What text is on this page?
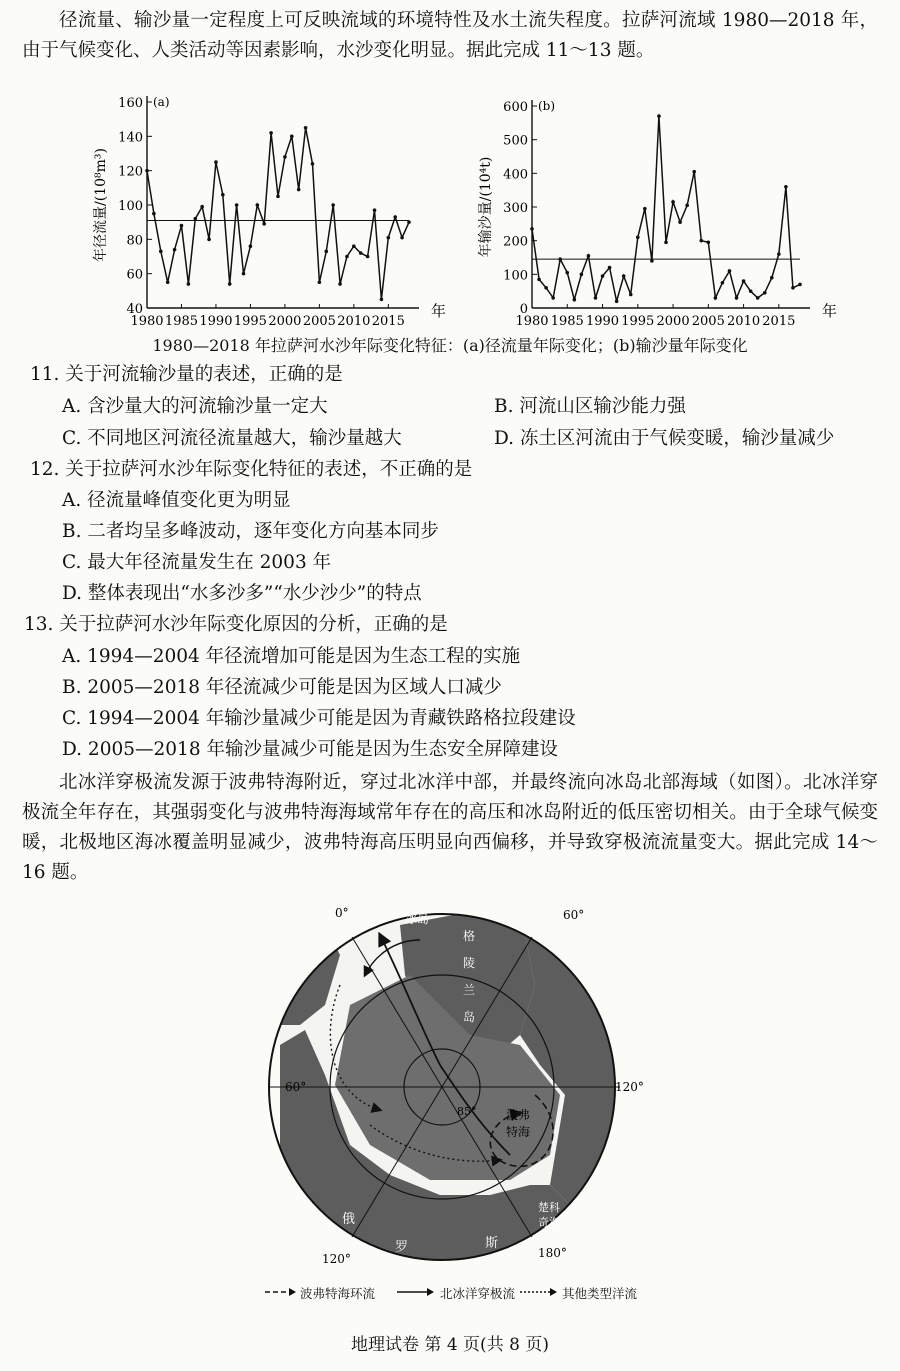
径流量、输沙量一定程度上可反映流域的环境特性及水土流失程度。拉萨河流域 1980—2018 年，由于气候变化、人类活动等因素影响，水沙变化明显。据此完成 11～13 题。
40
60
80
100
120
140
160
1980 1985 1990 1995 2000 2005 2010 2015
年
年径流量/(10⁸m³)
(a)
0
100
200
300
400
500
600
1980 1985 1990 1995 2000 2005 2010 2015
年
年输沙量/(10⁴t)
(b)
1980—2018 年拉萨河水沙年际变化特征：(a)径流量年际变化；(b)输沙量年际变化
11. 关于河流输沙量的表述，正确的是
A. 含沙量大的河流输沙量一定大	B. 河流山区输沙能力强
C. 不同地区河流径流量越大，输沙量越大	D. 冻土区河流由于气候变暖，输沙量减少
12. 关于拉萨河水沙年际变化特征的表述，不正确的是
A. 径流量峰值变化更为明显
B. 二者均呈多峰波动，逐年变化方向基本同步
C. 最大年径流量发生在 2003 年
D. 整体表现出“水多沙多”“水少沙少”的特点
13. 关于拉萨河水沙年际变化原因的分析，正确的是
A. 1994—2004 年径流增加可能是因为生态工程的实施
B. 2005—2018 年径流减少可能是因为区域人口减少
C. 1994—2004 年输沙量减少可能是因为青藏铁路格拉段建设
D. 2005—2018 年输沙量减少可能是因为生态安全屏障建设
北冰洋穿极流发源于波弗特海附近，穿过北冰洋中部，并最终流向冰岛北部海域（如图）。北冰洋穿极流全年存在，其强弱变化与波弗特海海域常年存在的高压和冰岛附近的低压密切相关。由于全球气候变暖，北极地区海冰覆盖明显减少，波弗特海高压明显向西偏移，并导致穿极流流量变大。据此完成 14～16 题。
0°	60°
60°	120°
120°	180°
85°
冰岛
格
陵
兰
岛
波弗
特海
楚科
奇海
俄
罗	斯
波弗特海环流	北冰洋穿极流	其他类型洋流
地理试卷 第 4 页(共 8 页)
